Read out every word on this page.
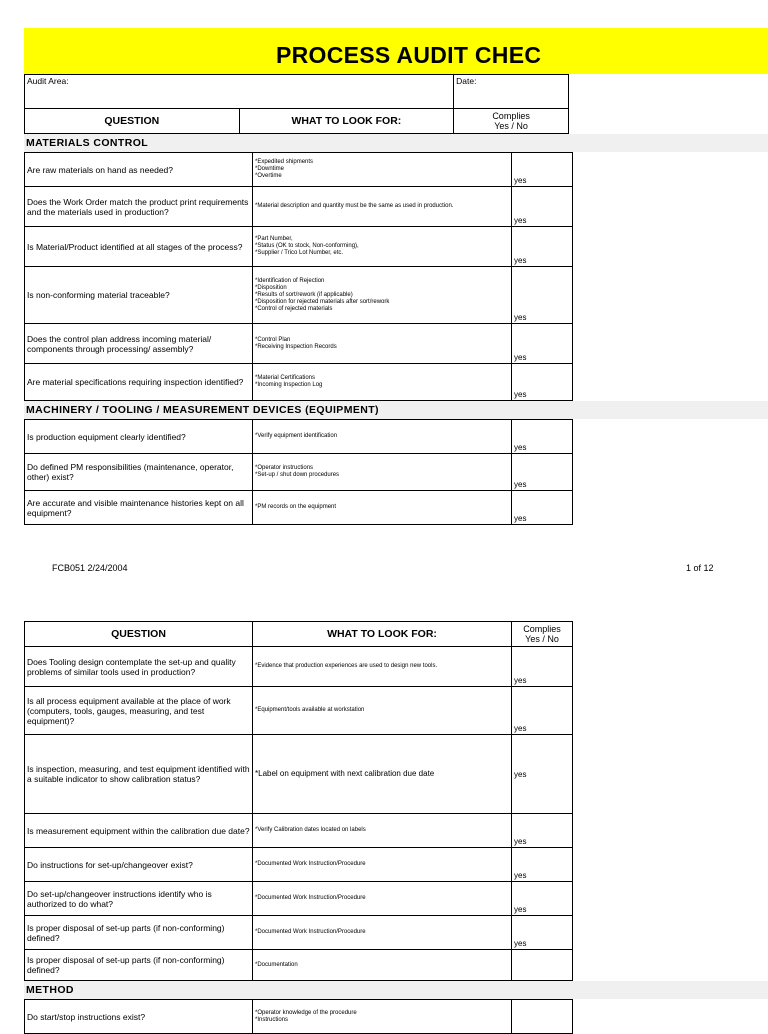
PROCESS AUDIT CHEC
Audit Area:		Date:
QUESTION	WHAT TO LOOK FOR:	Complies
Yes / No
MATERIALS CONTROL
Are raw materials on hand as needed?	*Expedited shipments
*Downtime
*Overtime	yes
Does the Work Order match the product print requirements and the materials used in production?	*Material description and quantity must be the same as used in production.	yes
Is Material/Product identified at all stages of the process?	*Part Number,
*Status (OK to stock, Non-conforming),
*Supplier / Trico Lot Number, etc.	yes
Is non-conforming material traceable?	*Identification of Rejection
*Disposition
*Results of sort/rework (if applicable)
*Disposition for rejected materials after sort/rework
*Control of rejected materials	yes
Does the control plan address incoming material/ components through processing/ assembly?	*Control Plan
*Receiving Inspection Records	yes
Are material specifications requiring inspection identified?	*Material Certifications
*Incoming Inspection Log	yes
MACHINERY / TOOLING / MEASUREMENT DEVICES (EQUIPMENT)
Is production equipment clearly identified?	*Verify equipment identification	yes
Do defined PM responsibilities (maintenance, operator, other) exist?	*Operator instructions
*Set-up / shut down procedures	yes
Are accurate and visible maintenance histories kept on all equipment?	*PM records on the equipment	yes
FCB051 2/24/2004	1 of 12
QUESTION	WHAT TO LOOK FOR:	Complies
Yes / No
Does Tooling design contemplate the set-up and quality problems of similar tools used in production?	*Evidence that production experiences are used to design new tools.	yes
Is all process equipment available at the place of work (computers, tools, gauges, measuring, and test equipment)?	*Equipment/tools available at workstation	yes
Is inspection, measuring, and test equipment identified with a suitable indicator to show calibration status?	*Label on equipment with next calibration due date	yes
Is measurement equipment within the calibration due date?	*Verify Calibration dates located on labels	yes
Do instructions for set-up/changeover exist?	*Documented Work Instruction/Procedure	yes
Do set-up/changeover instructions identify who is authorized to do what?	*Documented Work Instruction/Procedure	yes
Is proper disposal of set-up parts (if non-conforming) defined?	*Documented Work Instruction/Procedure	yes
Is proper disposal of set-up parts (if non-conforming) defined?	*Documentation	
METHOD
Do start/stop instructions exist?	*Operator knowledge of the procedure
*Instructions	
